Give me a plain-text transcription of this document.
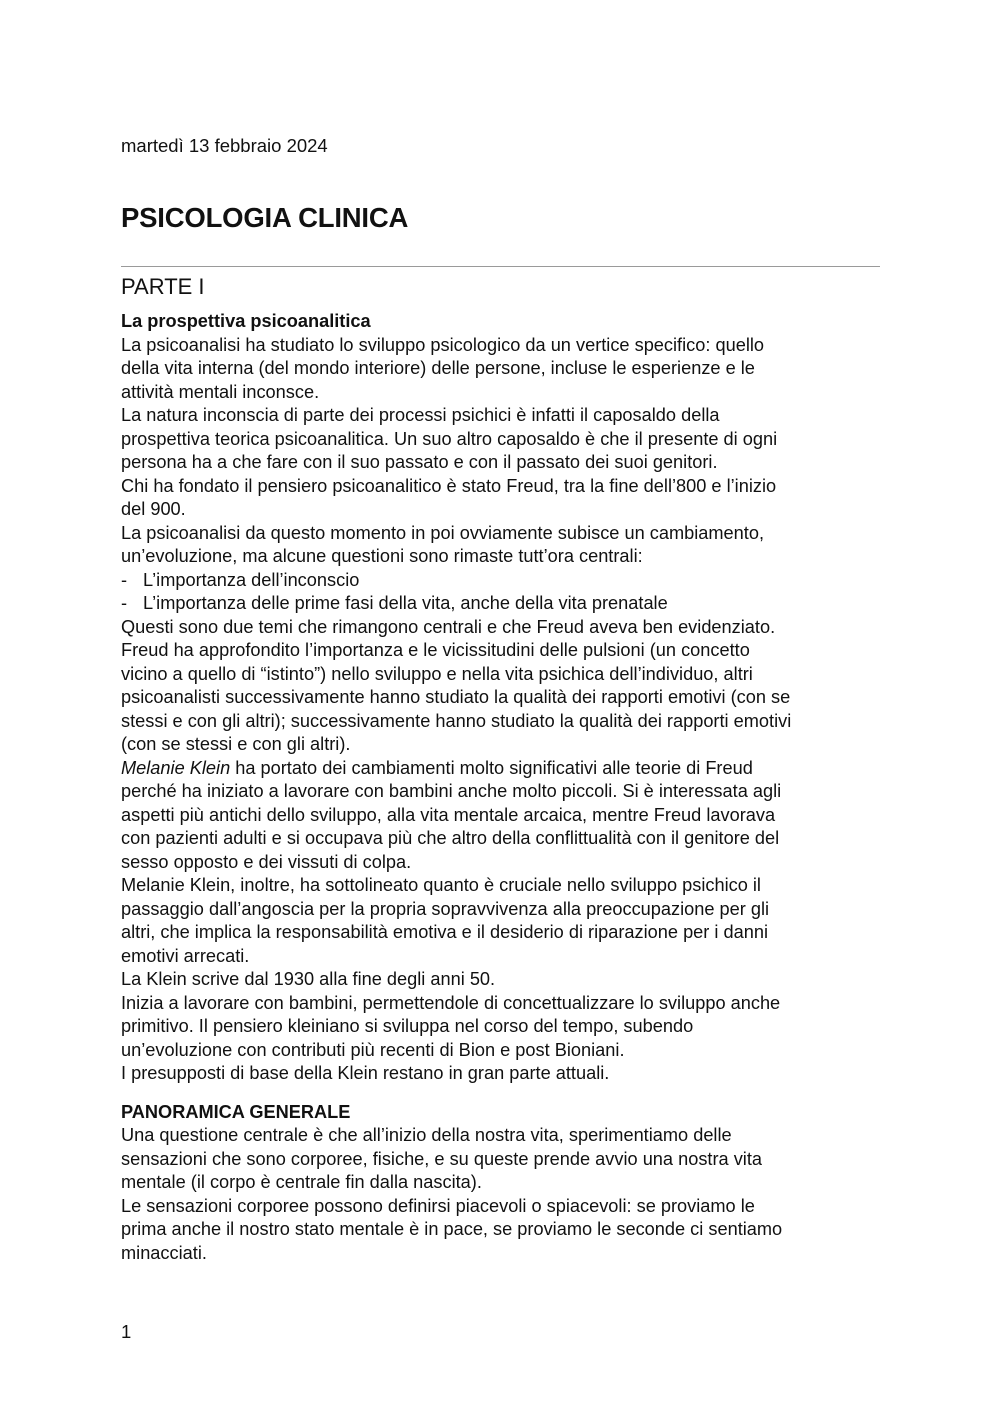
martedì 13 febbraio 2024
PSICOLOGIA CLINICA
PARTE I
La prospettiva psicoanalitica
La psicoanalisi ha studiato lo sviluppo psicologico da un vertice specifico: quello
della vita interna (del mondo interiore) delle persone, incluse le esperienze e le
attività mentali inconsce.
La natura inconscia di parte dei processi psichici è infatti il caposaldo della
prospettiva teorica psicoanalitica. Un suo altro caposaldo è che il presente di ogni
persona ha a che fare con il suo passato e con il passato dei suoi genitori.
Chi ha fondato il pensiero psicoanalitico è stato Freud, tra la fine dell’800 e l’inizio
del 900.
La psicoanalisi da questo momento in poi ovviamente subisce un cambiamento,
un’evoluzione, ma alcune questioni sono rimaste tutt’ora centrali:
- L’importanza dell’inconscio
- L’importanza delle prime fasi della vita, anche della vita prenatale
Questi sono due temi che rimangono centrali e che Freud aveva ben evidenziato.
Freud ha approfondito l’importanza e le vicissitudini delle pulsioni (un concetto
vicino a quello di “istinto”) nello sviluppo e nella vita psichica dell’individuo, altri
psicoanalisti successivamente hanno studiato la qualità dei rapporti emotivi (con se
stessi e con gli altri); successivamente hanno studiato la qualità dei rapporti emotivi
(con se stessi e con gli altri).
Melanie Klein ha portato dei cambiamenti molto significativi alle teorie di Freud
perché ha iniziato a lavorare con bambini anche molto piccoli. Si è interessata agli
aspetti più antichi dello sviluppo, alla vita mentale arcaica, mentre Freud lavorava
con pazienti adulti e si occupava più che altro della conflittualità con il genitore del
sesso opposto e dei vissuti di colpa.
Melanie Klein, inoltre, ha sottolineato quanto è cruciale nello sviluppo psichico il
passaggio dall’angoscia per la propria sopravvivenza alla preoccupazione per gli
altri, che implica la responsabilità emotiva e il desiderio di riparazione per i danni
emotivi arrecati.
La Klein scrive dal 1930 alla fine degli anni 50.
Inizia a lavorare con bambini, permettendole di concettualizzare lo sviluppo anche
primitivo. Il pensiero kleiniano si sviluppa nel corso del tempo, subendo
un’evoluzione con contributi più recenti di Bion e post Bioniani.
I presupposti di base della Klein restano in gran parte attuali.
PANORAMICA GENERALE
Una questione centrale è che all’inizio della nostra vita, sperimentiamo delle
sensazioni che sono corporee, fisiche, e su queste prende avvio una nostra vita
mentale (il corpo è centrale fin dalla nascita).
Le sensazioni corporee possono definirsi piacevoli o spiacevoli: se proviamo le
prima anche il nostro stato mentale è in pace, se proviamo le seconde ci sentiamo
minacciati.
1
